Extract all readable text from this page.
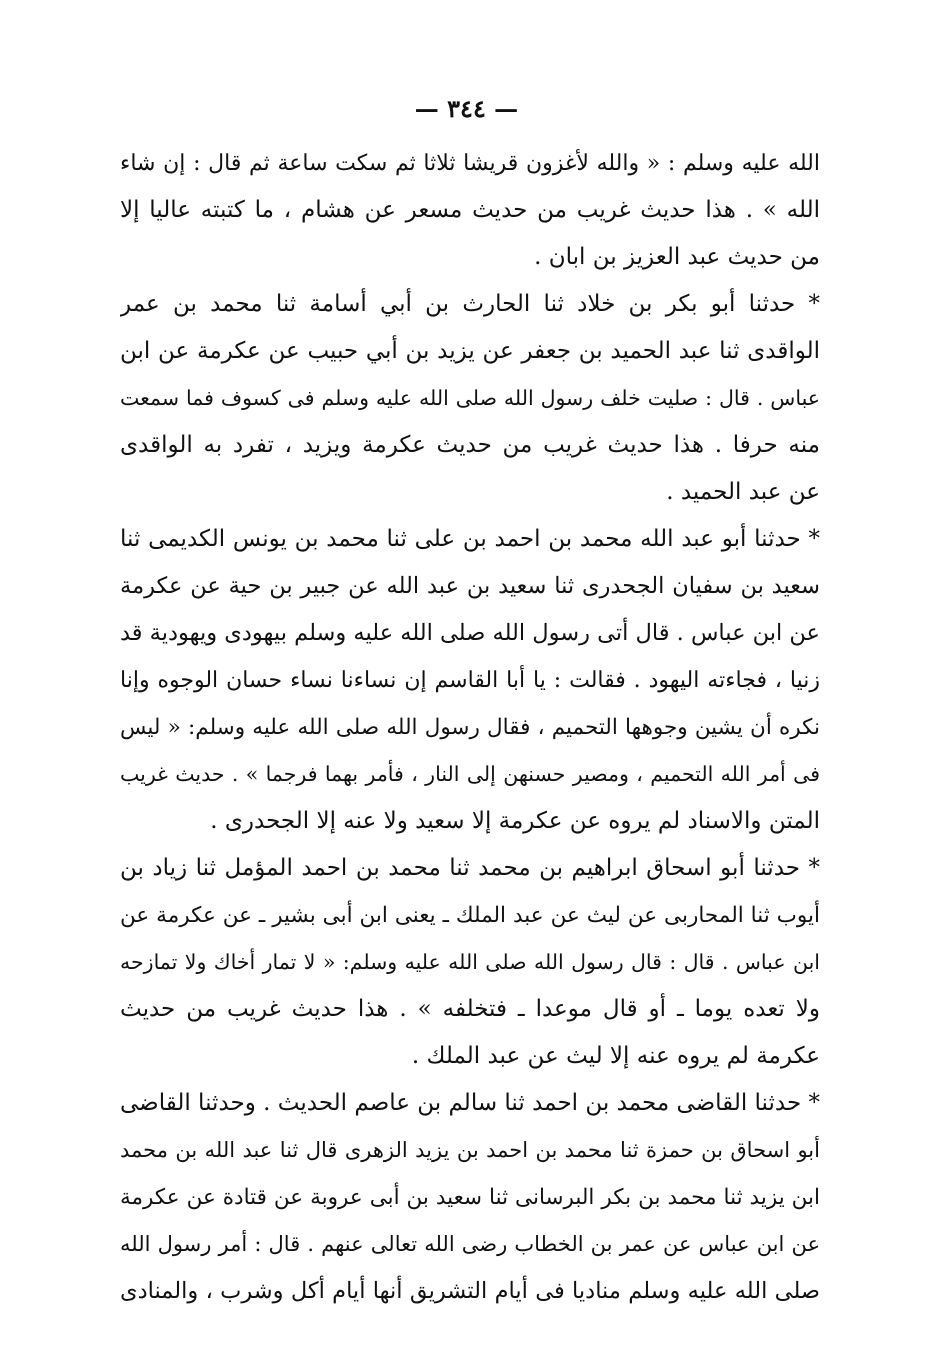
— ٣٤٤ —
الله عليه وسلم : « والله لأغزون قريشا ثلاثا ثم سكت ساعة ثم قال : إن شاء
الله » . هذا حديث غريب من حديث مسعر عن هشام ، ما كتبته عاليا إلا
من حديث عبد العزيز بن ابان .
* حدثنا أبو بكر بن خلاد ثنا الحارث بن أبي أسامة ثنا محمد بن عمر
الواقدى ثنا عبد الحميد بن جعفر عن يزيد بن أبي حبيب عن عكرمة عن ابن
عباس . قال : صليت خلف رسول الله صلى الله عليه وسلم فى كسوف فما سمعت
منه حرفا . هذا حديث غريب من حديث عكرمة ويزيد ، تفرد به الواقدى
عن عبد الحميد .
* حدثنا أبو عبد الله محمد بن احمد بن على ثنا محمد بن يونس الكديمى ثنا
سعيد بن سفيان الجحدرى ثنا سعيد بن عبد الله عن جبير بن حية عن عكرمة
عن ابن عباس . قال أتى رسول الله صلى الله عليه وسلم بيهودى ويهودية قد
زنيا ، فجاءته اليهود . فقالت : يا أبا القاسم إن نساءنا نساء حسان الوجوه وإنا
نكره أن يشين وجوهها التحميم ، فقال رسول الله صلى الله عليه وسلم: « ليس
فى أمر الله التحميم ، ومصير حسنهن إلى النار ، فأمر بهما فرجما » . حديث غريب
المتن والاسناد لم يروه عن عكرمة إلا سعيد ولا عنه إلا الجحدرى .
* حدثنا أبو اسحاق ابراهيم بن محمد ثنا محمد بن احمد المؤمل ثنا زياد بن
أيوب ثنا المحاربى عن ليث عن عبد الملك ـ يعنى ابن أبى بشير ـ عن عكرمة عن
ابن عباس . قال : قال رسول الله صلى الله عليه وسلم: « لا تمار أخاك ولا تمازحه
ولا تعده يوما ـ أو قال موعدا ـ فتخلفه » . هذا حديث غريب من حديث
عكرمة لم يروه عنه إلا ليث عن عبد الملك .
* حدثنا القاضى محمد بن احمد ثنا سالم بن عاصم الحديث . وحدثنا القاضى
أبو اسحاق بن حمزة ثنا محمد بن احمد بن يزيد الزهرى قال ثنا عبد الله بن محمد
ابن يزيد ثنا محمد بن بكر البرسانى ثنا سعيد بن أبى عروبة عن قتادة عن عكرمة
عن ابن عباس عن عمر بن الخطاب رضى الله تعالى عنهم . قال : أمر رسول الله
صلى الله عليه وسلم مناديا فى أيام التشريق أنها أيام أكل وشرب ، والمنادى
